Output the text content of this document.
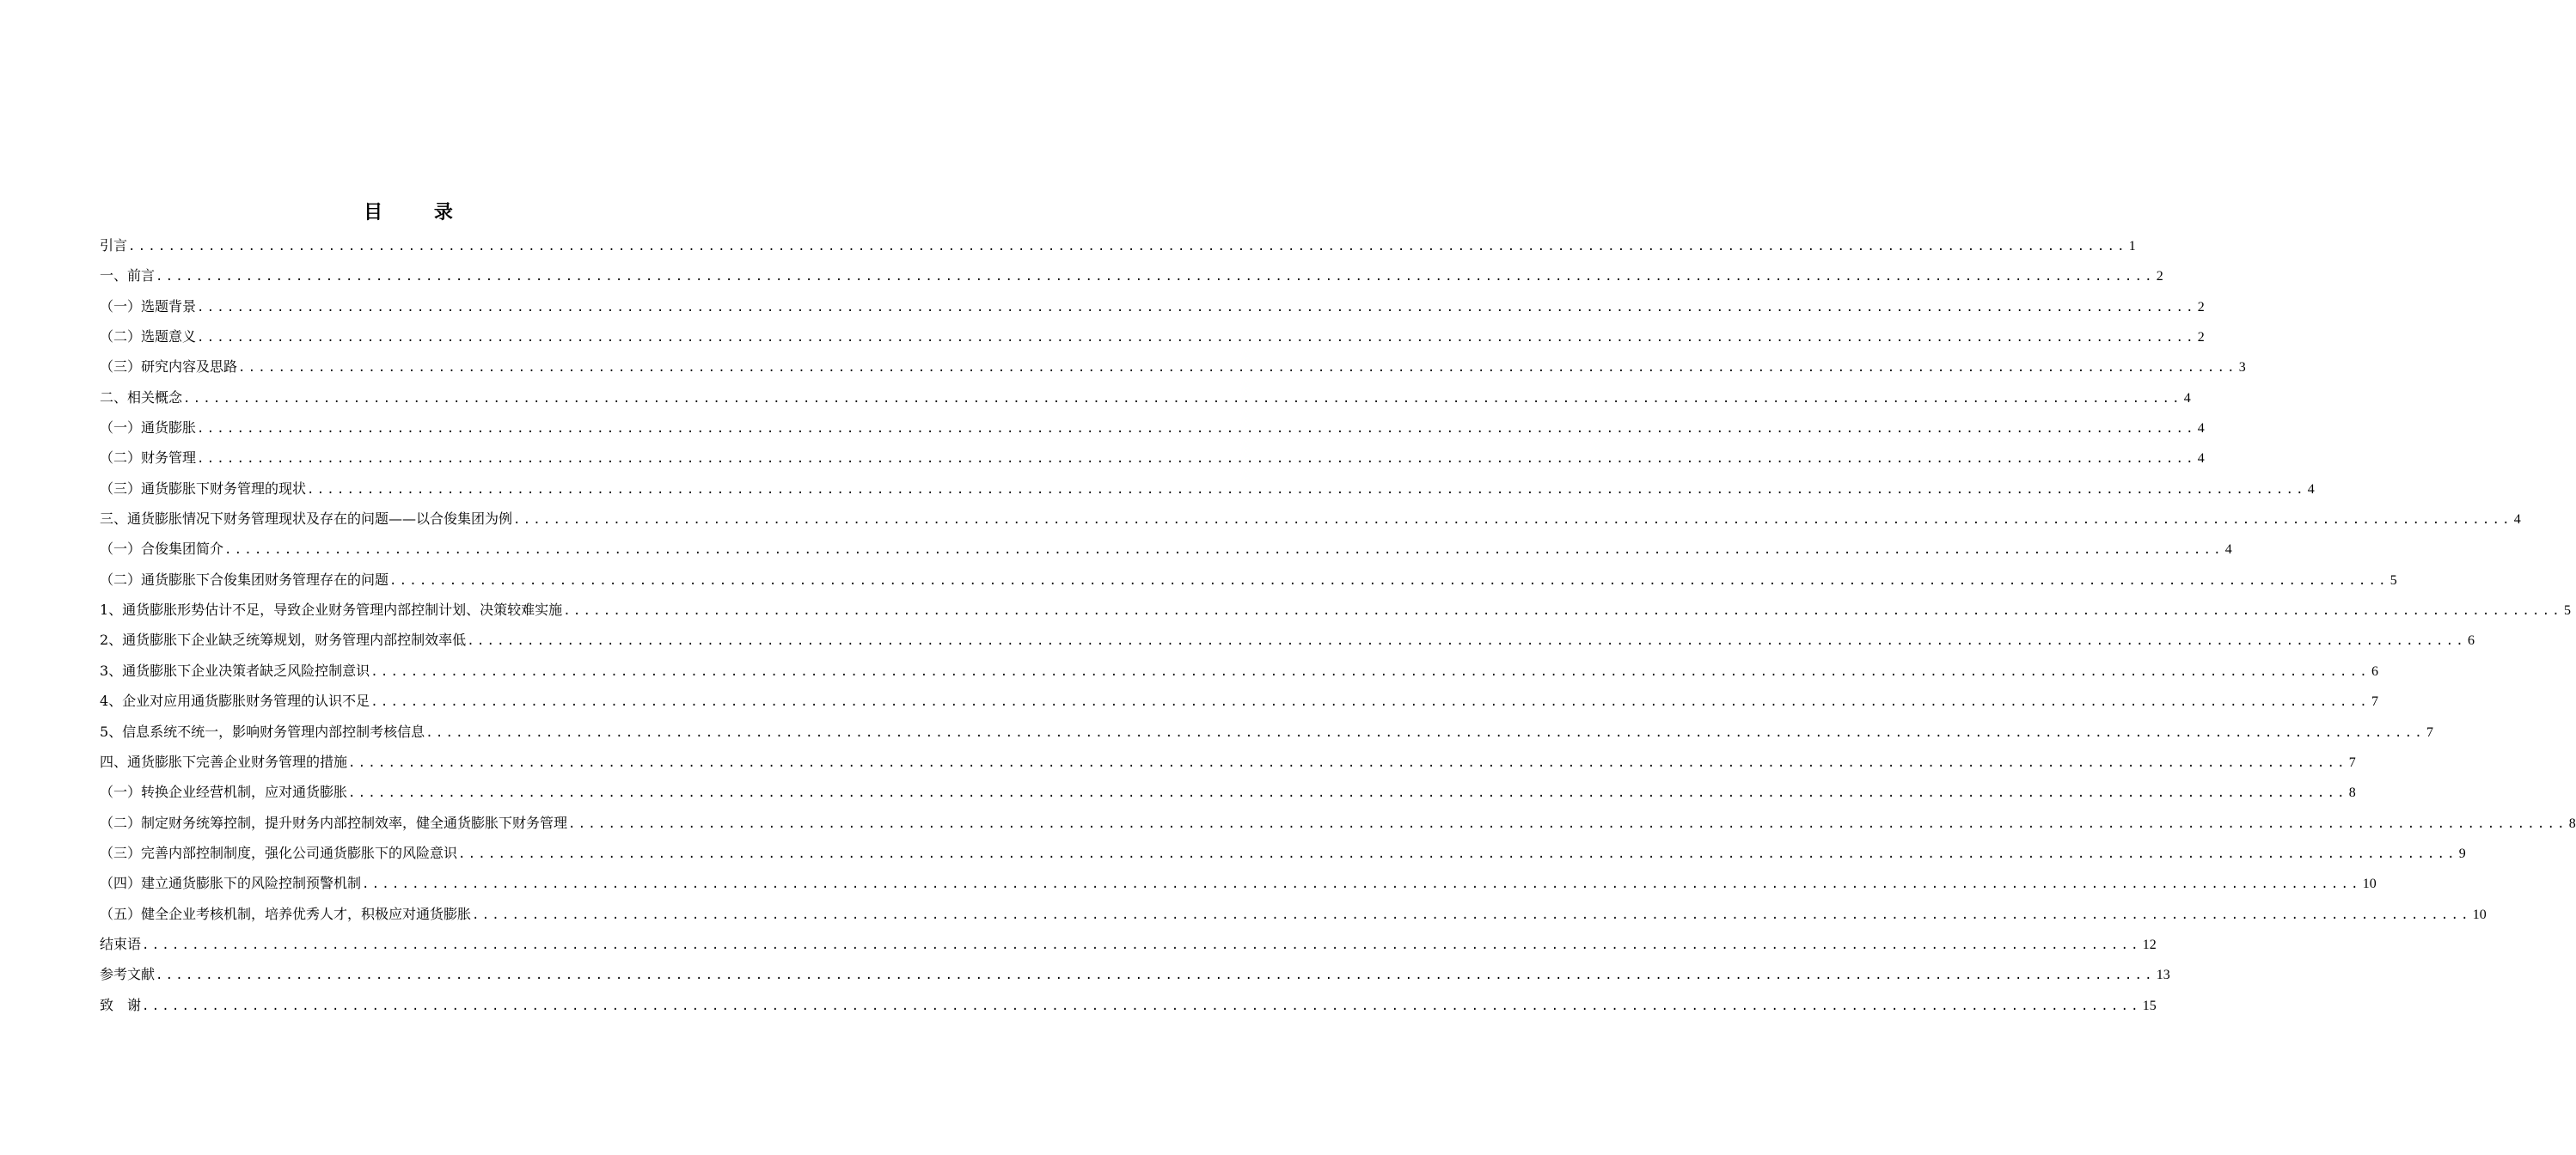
目 录
引言 ........................................................................................................................................................................................................ 1
一、前言 ........................................................................................................................................................................................................ 2
（一）选题背景 ........................................................................................................................................................................................................ 2
（二）选题意义 ........................................................................................................................................................................................................ 2
（三）研究内容及思路 ........................................................................................................................................................................................................ 3
二、相关概念 ........................................................................................................................................................................................................ 4
（一）通货膨胀 ........................................................................................................................................................................................................ 4
（二）财务管理 ........................................................................................................................................................................................................ 4
（三）通货膨胀下财务管理的现状 ........................................................................................................................................................................................................ 4
三、通货膨胀情况下财务管理现状及存在的问题——以合俊集团为例 ........................................................................................................................................................................................................ 4
（一）合俊集团简介 ........................................................................................................................................................................................................ 4
（二）通货膨胀下合俊集团财务管理存在的问题 ........................................................................................................................................................................................................ 5
1、通货膨胀形势估计不足，导致企业财务管理内部控制计划、决策较难实施 ........................................................................................................................................................................................................ 5
2、通货膨胀下企业缺乏统筹规划，财务管理内部控制效率低 ........................................................................................................................................................................................................ 6
3、通货膨胀下企业决策者缺乏风险控制意识 ........................................................................................................................................................................................................ 6
4、企业对应用通货膨胀财务管理的认识不足 ........................................................................................................................................................................................................ 7
5、信息系统不统一，影响财务管理内部控制考核信息 ........................................................................................................................................................................................................ 7
四、通货膨胀下完善企业财务管理的措施 ........................................................................................................................................................................................................ 7
（一）转换企业经营机制，应对通货膨胀 ........................................................................................................................................................................................................ 8
（二）制定财务统筹控制，提升财务内部控制效率，健全通货膨胀下财务管理 ........................................................................................................................................................................................................ 8
（三）完善内部控制制度，强化公司通货膨胀下的风险意识 ........................................................................................................................................................................................................ 9
（四）建立通货膨胀下的风险控制预警机制 ........................................................................................................................................................................................................ 10
（五）健全企业考核机制，培养优秀人才，积极应对通货膨胀 ........................................................................................................................................................................................................ 10
结束语 ........................................................................................................................................................................................................ 12
参考文献 ........................................................................................................................................................................................................ 13
致　谢 ........................................................................................................................................................................................................ 15
